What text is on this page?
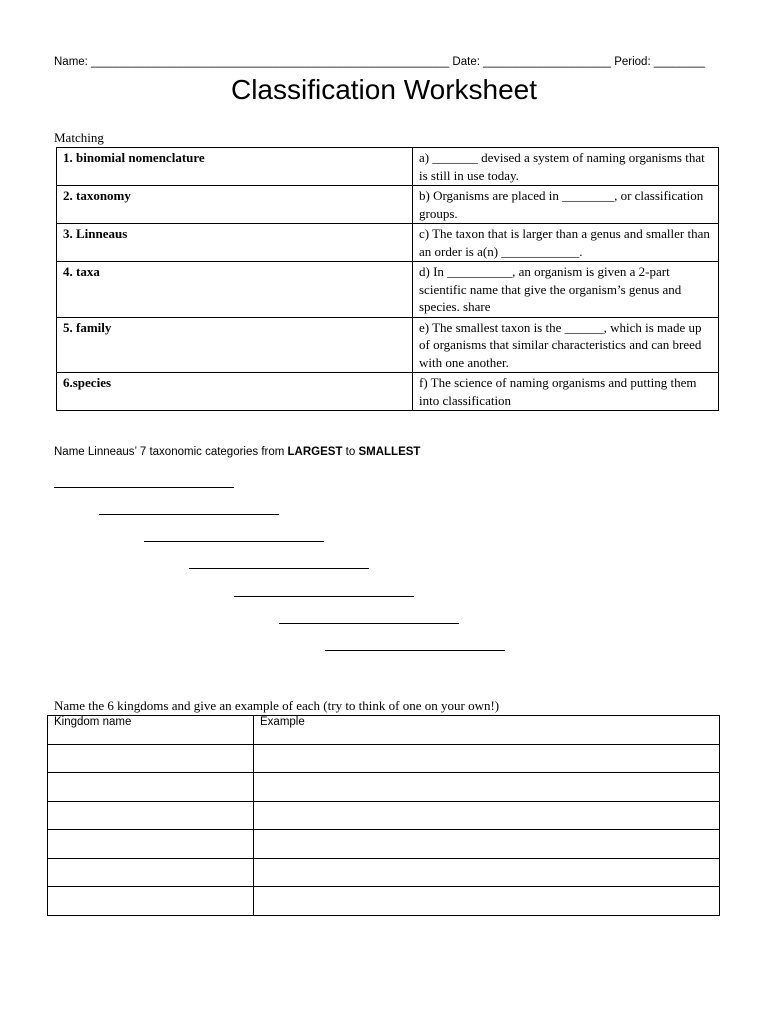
Name: ________________________________________________________ Date: ____________________ Period: ________
Classification Worksheet
Matching
1. binomial nomenclature	a) _______ devised a system of naming organisms that is still in use today.
2. taxonomy	b) Organisms are placed in ________, or classification groups.
3. Linneaus	c) The taxon that is larger than a genus and smaller than an order is a(n) ____________.
4. taxa	d) In __________, an organism is given a 2-part scientific name that give the organism’s genus and species. share
5. family	e) The smallest taxon is the ______, which is made up of organisms that similar characteristics and can breed with one another.
6.species	f) The science of naming organisms and putting them into classification
Name Linneaus’ 7 taxonomic categories from LARGEST to SMALLEST
Name the 6 kingdoms and give an example of each (try to think of one on your own!)
Kingdom name	Example
